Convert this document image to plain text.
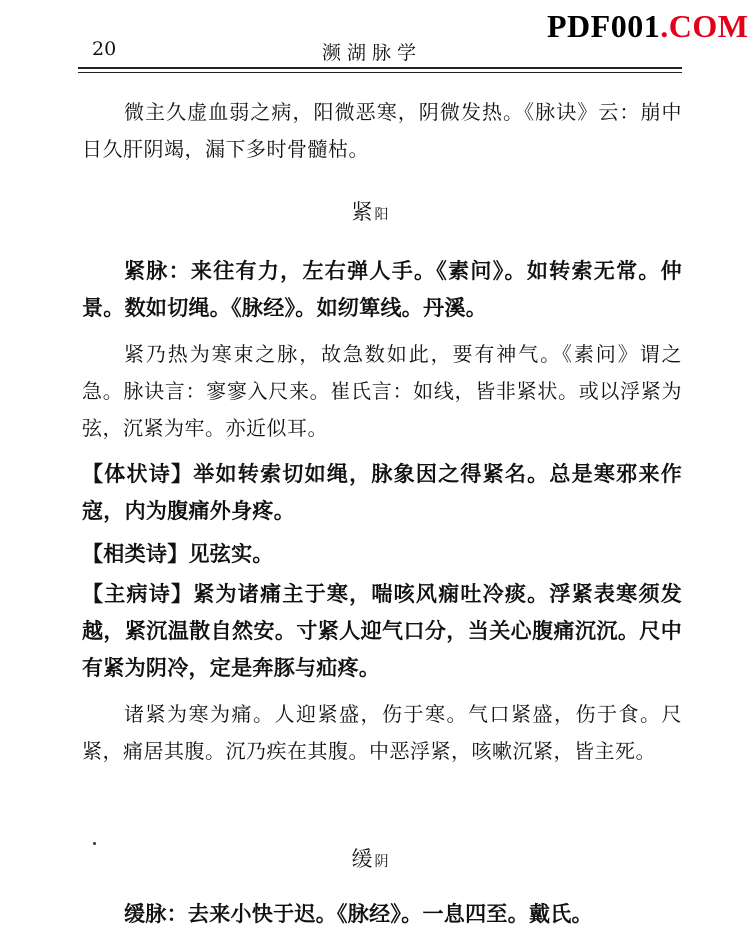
20	濒湖脉学
PDF001.COM
微主久虚血弱之病，阳微恶寒，阴微发热。《脉诀》云：崩中日久肝阴竭，漏下多时骨髓枯。
紧阳
紧脉：来往有力，左右弹人手。《素问》。如转索无常。仲景。数如切绳。《脉经》。如纫箄线。丹溪。
紧乃热为寒束之脉，故急数如此，要有神气。《素问》谓之急。脉诀言：寥寥入尺来。崔氏言：如线，皆非紧状。或以浮紧为弦，沉紧为牢。亦近似耳。
【体状诗】举如转索切如绳，脉象因之得紧名。总是寒邪来作寇，内为腹痛外身疼。
【相类诗】见弦实。
【主病诗】紧为诸痛主于寒，喘咳风痫吐冷痰。浮紧表寒须发越，紧沉温散自然安。寸紧人迎气口分，当关心腹痛沉沉。尺中有紧为阴冷，定是奔豚与疝疼。
诸紧为寒为痛。人迎紧盛，伤于寒。气口紧盛，伤于食。尺紧，痛居其腹。沉乃疾在其腹。中恶浮紧，咳嗽沉紧，皆主死。
缓阴
缓脉：去来小快于迟。《脉经》。一息四至。戴氏。
